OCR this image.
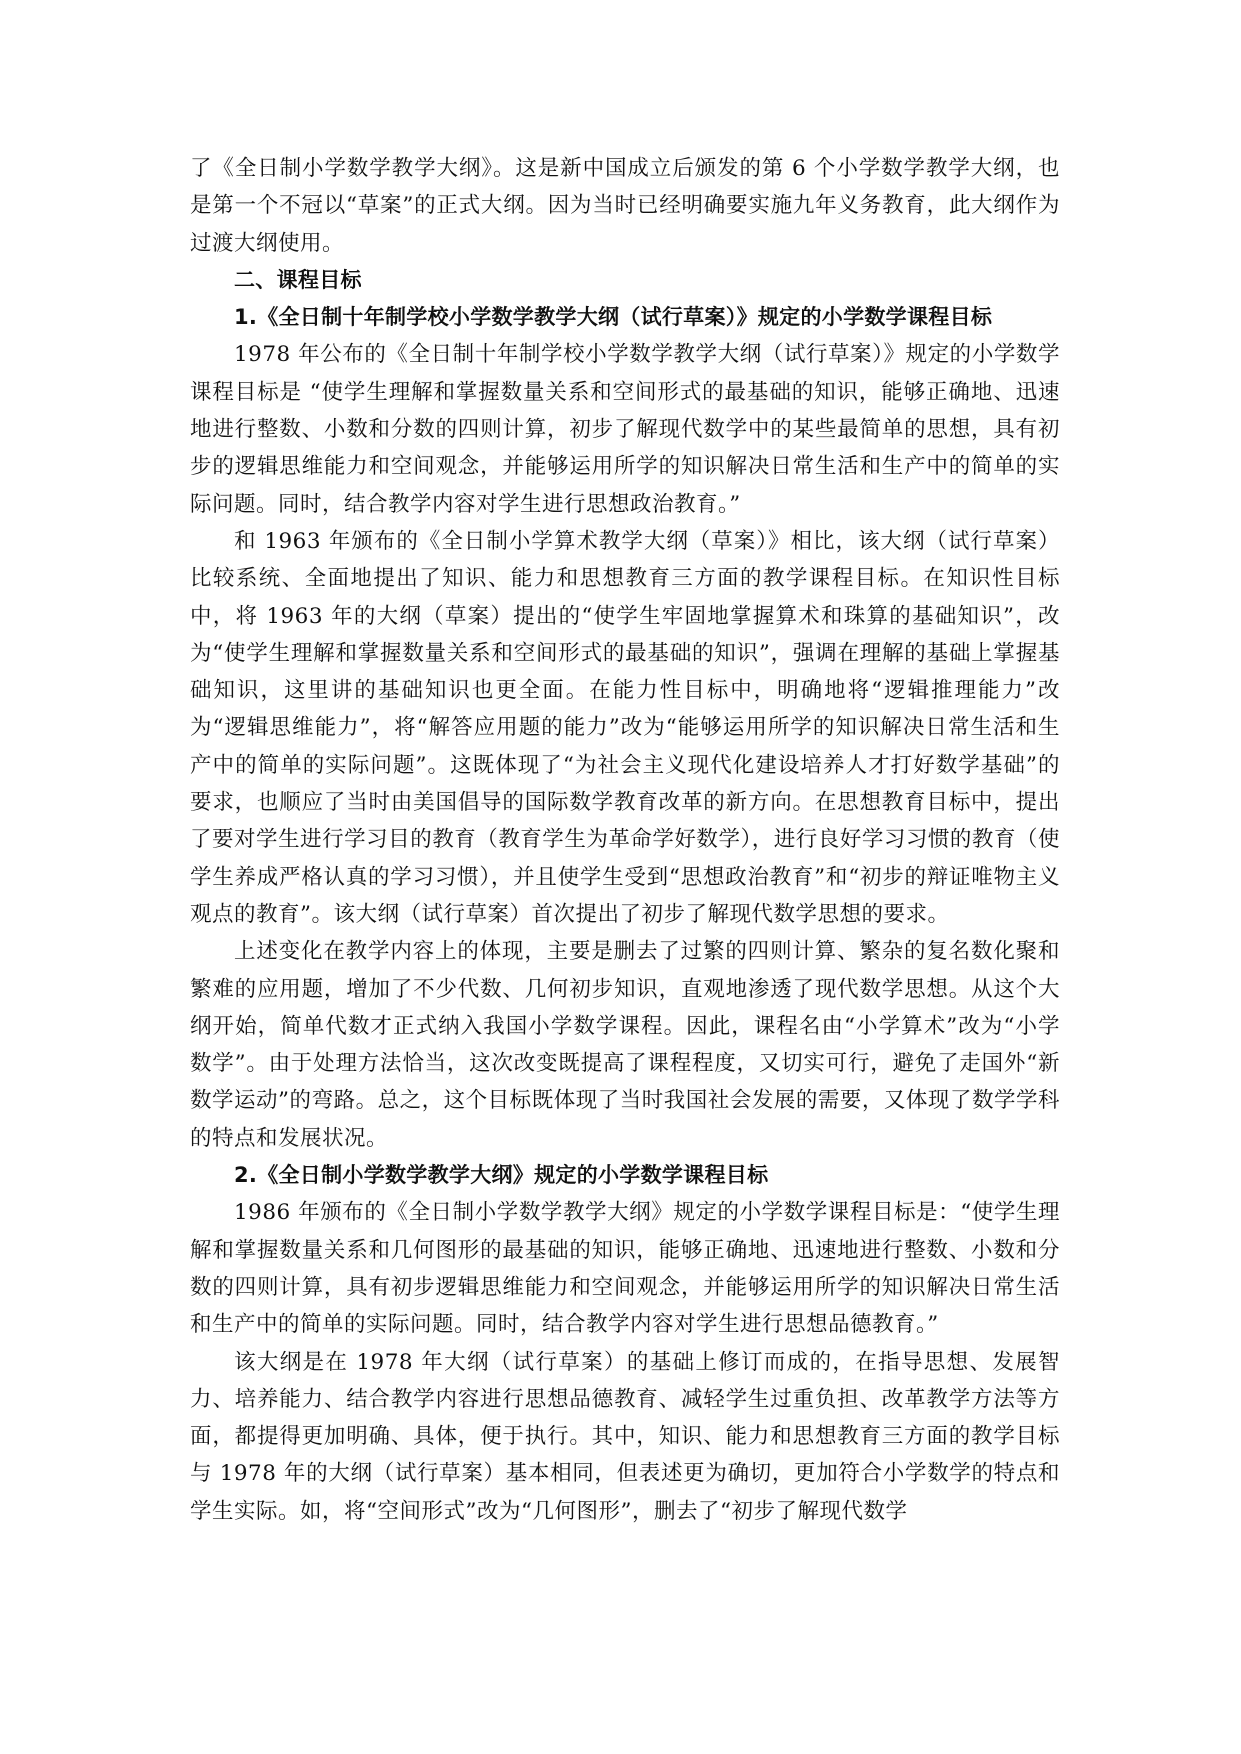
了《全日制小学数学教学大纲》。这是新中国成立后颁发的第 6 个小学数学教学大纲，也是第一个不冠以“草案”的正式大纲。因为当时已经明确要实施九年义务教育，此大纲作为过渡大纲使用。

二、课程目标
1.《全日制十年制学校小学数学教学大纲（试行草案）》规定的小学数学课程目标

1978 年公布的《全日制十年制学校小学数学教学大纲（试行草案）》规定的小学数学课程目标是 “使学生理解和掌握数量关系和空间形式的最基础的知识，能够正确地、迅速地进行整数、小数和分数的四则计算，初步了解现代数学中的某些最简单的思想，具有初步的逻辑思维能力和空间观念，并能够运用所学的知识解决日常生活和生产中的简单的实际问题。同时，结合教学内容对学生进行思想政治教育。”

和 1963 年颁布的《全日制小学算术教学大纲（草案）》相比，该大纲（试行草案）比较系统、全面地提出了知识、能力和思想教育三方面的教学课程目标。在知识性目标中，将 1963 年的大纲（草案）提出的“使学生牢固地掌握算术和珠算的基础知识”，改为“使学生理解和掌握数量关系和空间形式的最基础的知识”，强调在理解的基础上掌握基础知识，这里讲的基础知识也更全面。在能力性目标中，明确地将“逻辑推理能力”改为“逻辑思维能力”，将“解答应用题的能力”改为“能够运用所学的知识解决日常生活和生产中的简单的实际问题”。这既体现了“为社会主义现代化建设培养人才打好数学基础”的要求，也顺应了当时由美国倡导的国际数学教育改革的新方向。在思想教育目标中，提出了要对学生进行学习目的教育（教育学生为革命学好数学），进行良好学习习惯的教育（使学生养成严格认真的学习习惯），并且使学生受到“思想政治教育”和“初步的辩证唯物主义观点的教育”。该大纲（试行草案）首次提出了初步了解现代数学思想的要求。

上述变化在教学内容上的体现，主要是删去了过繁的四则计算、繁杂的复名数化聚和繁难的应用题，增加了不少代数、几何初步知识，直观地渗透了现代数学思想。从这个大纲开始，简单代数才正式纳入我国小学数学课程。因此，课程名由“小学算术”改为“小学数学”。由于处理方法恰当，这次改变既提高了课程程度，又切实可行，避免了走国外“新数学运动”的弯路。总之，这个目标既体现了当时我国社会发展的需要，又体现了数学学科的特点和发展状况。

2.《全日制小学数学教学大纲》规定的小学数学课程目标

1986 年颁布的《全日制小学数学教学大纲》规定的小学数学课程目标是：“使学生理解和掌握数量关系和几何图形的最基础的知识，能够正确地、迅速地进行整数、小数和分数的四则计算，具有初步逻辑思维能力和空间观念，并能够运用所学的知识解决日常生活和生产中的简单的实际问题。同时，结合教学内容对学生进行思想品德教育。”

该大纲是在 1978 年大纲（试行草案）的基础上修订而成的，在指导思想、发展智力、培养能力、结合教学内容进行思想品德教育、减轻学生过重负担、改革教学方法等方面，都提得更加明确、具体，便于执行。其中，知识、能力和思想教育三方面的教学目标与 1978 年的大纲（试行草案）基本相同，但表述更为确切，更加符合小学数学的特点和学生实际。如，将“空间形式”改为“几何图形”，删去了“初步了解现代数学
